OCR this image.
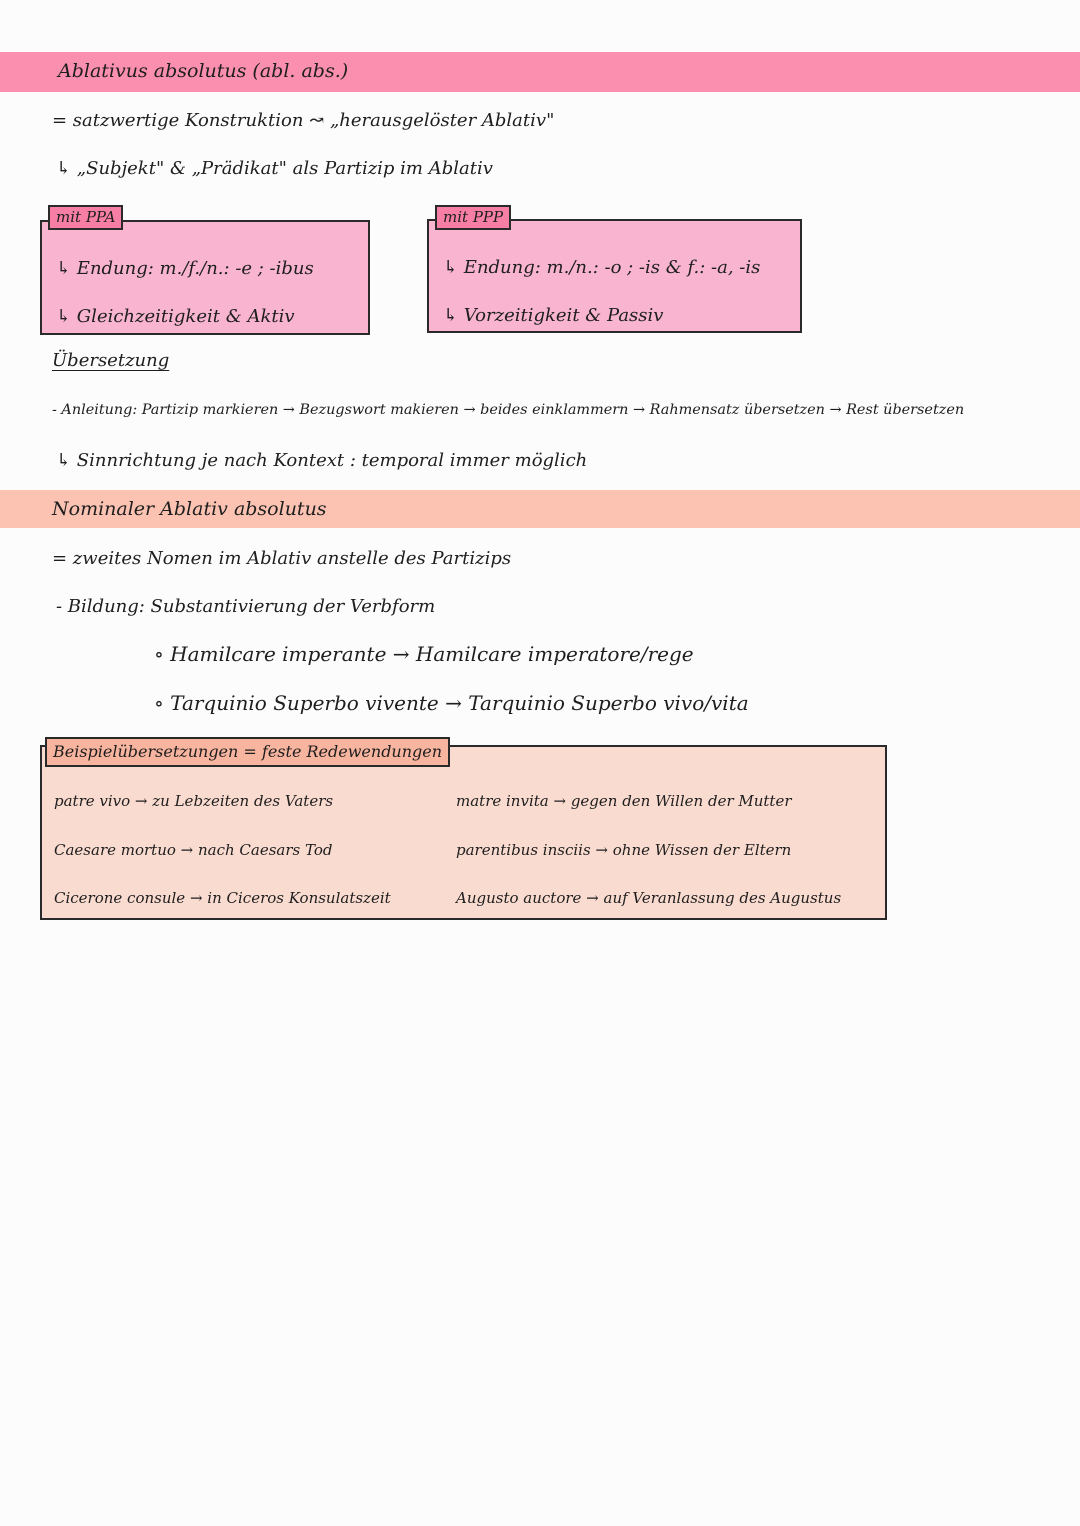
Ablativus absolutus (abl. abs.)
= satzwertige Konstruktion ↝ „herausgelöster Ablativ"
↳ „Subjekt" & „Prädikat" als Partizip im Ablativ
↳ Endung: m./f./n.: -e ; -ibus
↳ Gleichzeitigkeit & Aktiv
mit PPA
↳ Endung: m./n.: -o ; -is & f.: -a, -is
↳ Vorzeitigkeit & Passiv
mit PPP
Übersetzung
- Anleitung: Partizip markieren → Bezugswort makieren → beides einklammern → Rahmensatz übersetzen → Rest übersetzen
↳ Sinnrichtung je nach Kontext : temporal immer möglich
Nominaler Ablativ absolutus
= zweites Nomen im Ablativ anstelle des Partizips
- Bildung: Substantivierung der Verbform
∘ Hamilcare imperante → Hamilcare imperatore/rege
∘ Tarquinio Superbo vivente → Tarquinio Superbo vivo/vita
patre vivo → zu Lebzeiten des Vaters
Caesare mortuo → nach Caesars Tod
Cicerone consule → in Ciceros Konsulatszeit
matre invita → gegen den Willen der Mutter
parentibus insciis → ohne Wissen der Eltern
Augusto auctore → auf Veranlassung des Augustus
Beispielübersetzungen = feste Redewendungen
